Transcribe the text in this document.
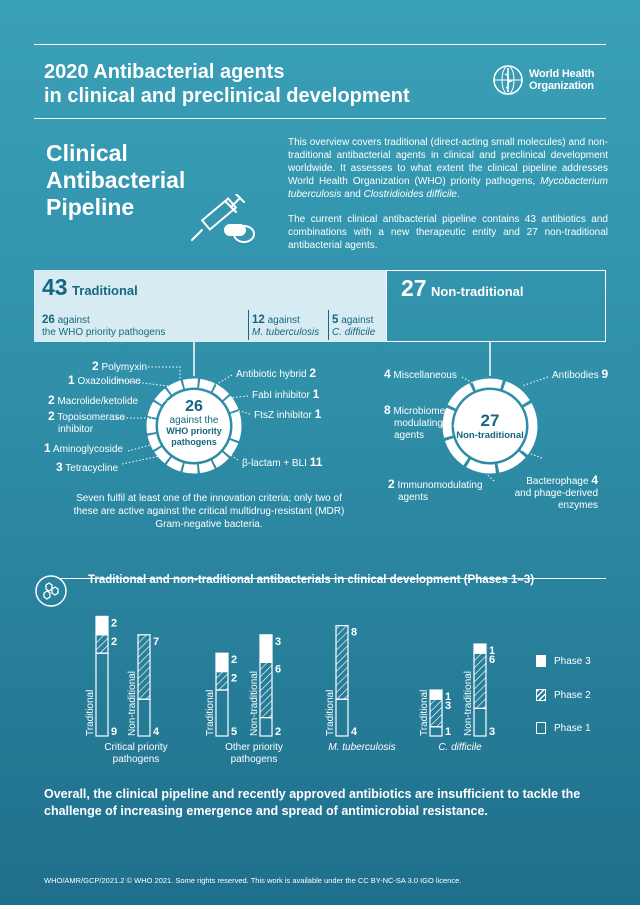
2020 Antibacterial agents
in clinical and preclinical development
World Health
Organization
Clinical
Antibacterial
Pipeline

This overview covers traditional (direct-acting small molecules) and non-traditional antibacterial agents in clinical and preclinical development worldwide. It assesses to what extent the clinical pipeline addresses World Health Organization (WHO) priority pathogens, Mycobacterium tuberculosis and Clostridioides difficile.

The current clinical antibacterial pipeline contains 43 antibiotics and combinations with a new therapeutic entity and 27 non-traditional antibacterial agents.

43 Traditional
26 against
the WHO priority pathogens
12 against
M. tuberculosis
5 against
C. difficile
27 Non-traditional
26
against the
WHO priority
pathogens
27
Non-traditional
2 Polymyxin
1 Oxazolidinone
2 Macrolide/ketolide
2 Topoisomerase
inhibitor
1 Aminoglycoside
3 Tetracycline
Antibiotic hybrid 2
FabI inhibitor 1
FtsZ inhibitor 1
β-lactam + BLI 11
4 Miscellaneous	Antibodies 9
8 Microbiome-
modulating
agents
2 Immunomodulating
agents
Bacterophage 4
and phage-derived
enzymes
Seven fulfil at least one of the innovation criteria; only two of these are active against the critical multidrug-resistant (MDR) Gram-negative bacteria.
Traditional and non-traditional antibacterials in clinical development (Phases 1–3)
9
2
2
Traditional	4
7
Non-traditional	5
2
2
Traditional	2
6
3
Non-traditional	4
8
Traditional	1
3
1
Traditional	3
6
1
Non-traditional
Critical priority
pathogens
Other priority
pathogens
M. tuberculosis	C. difficile
Phase 3
Phase 2
Phase 1
Overall, the clinical pipeline and recently approved antibiotics are insufficient to tackle the challenge of increasing emergence and spread of antimicrobial resistance.
WHO/AMR/GCP/2021.2 © WHO 2021. Some rights reserved. This work is available under the CC BY-NC-SA 3.0 IGO licence.
